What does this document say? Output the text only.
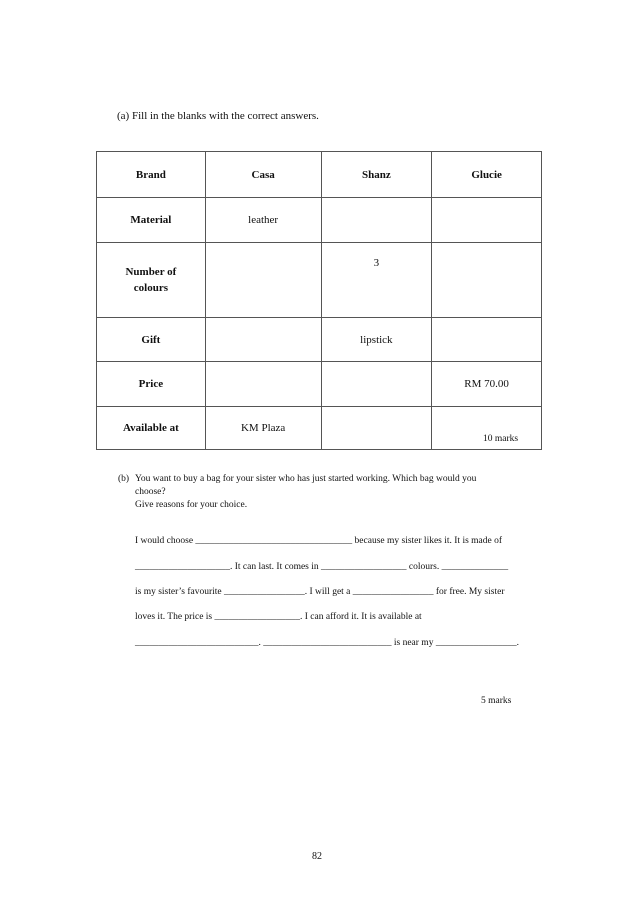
(a) Fill in the blanks with the correct answers.
Brand	Casa	Shanz	Glucie
Material	leather		

Number of
colours		3	
Gift		lipstick	
Price			RM 70.00
Available at	KM Plaza		
10 marks
(b) You want to buy a bag for your sister who has just started working. Which bag would you
choose?
Give reasons for your choice.
I would choose _________________________________ because my sister likes it. It is made of
____________________. It can last. It comes in __________________ colours. ______________
is my sister’s favourite _________________. I will get a _________________ for free. My sister
loves it. The price is __________________. I can afford it. It is available at
__________________________. ___________________________ is near my _________________.
5 marks
82
